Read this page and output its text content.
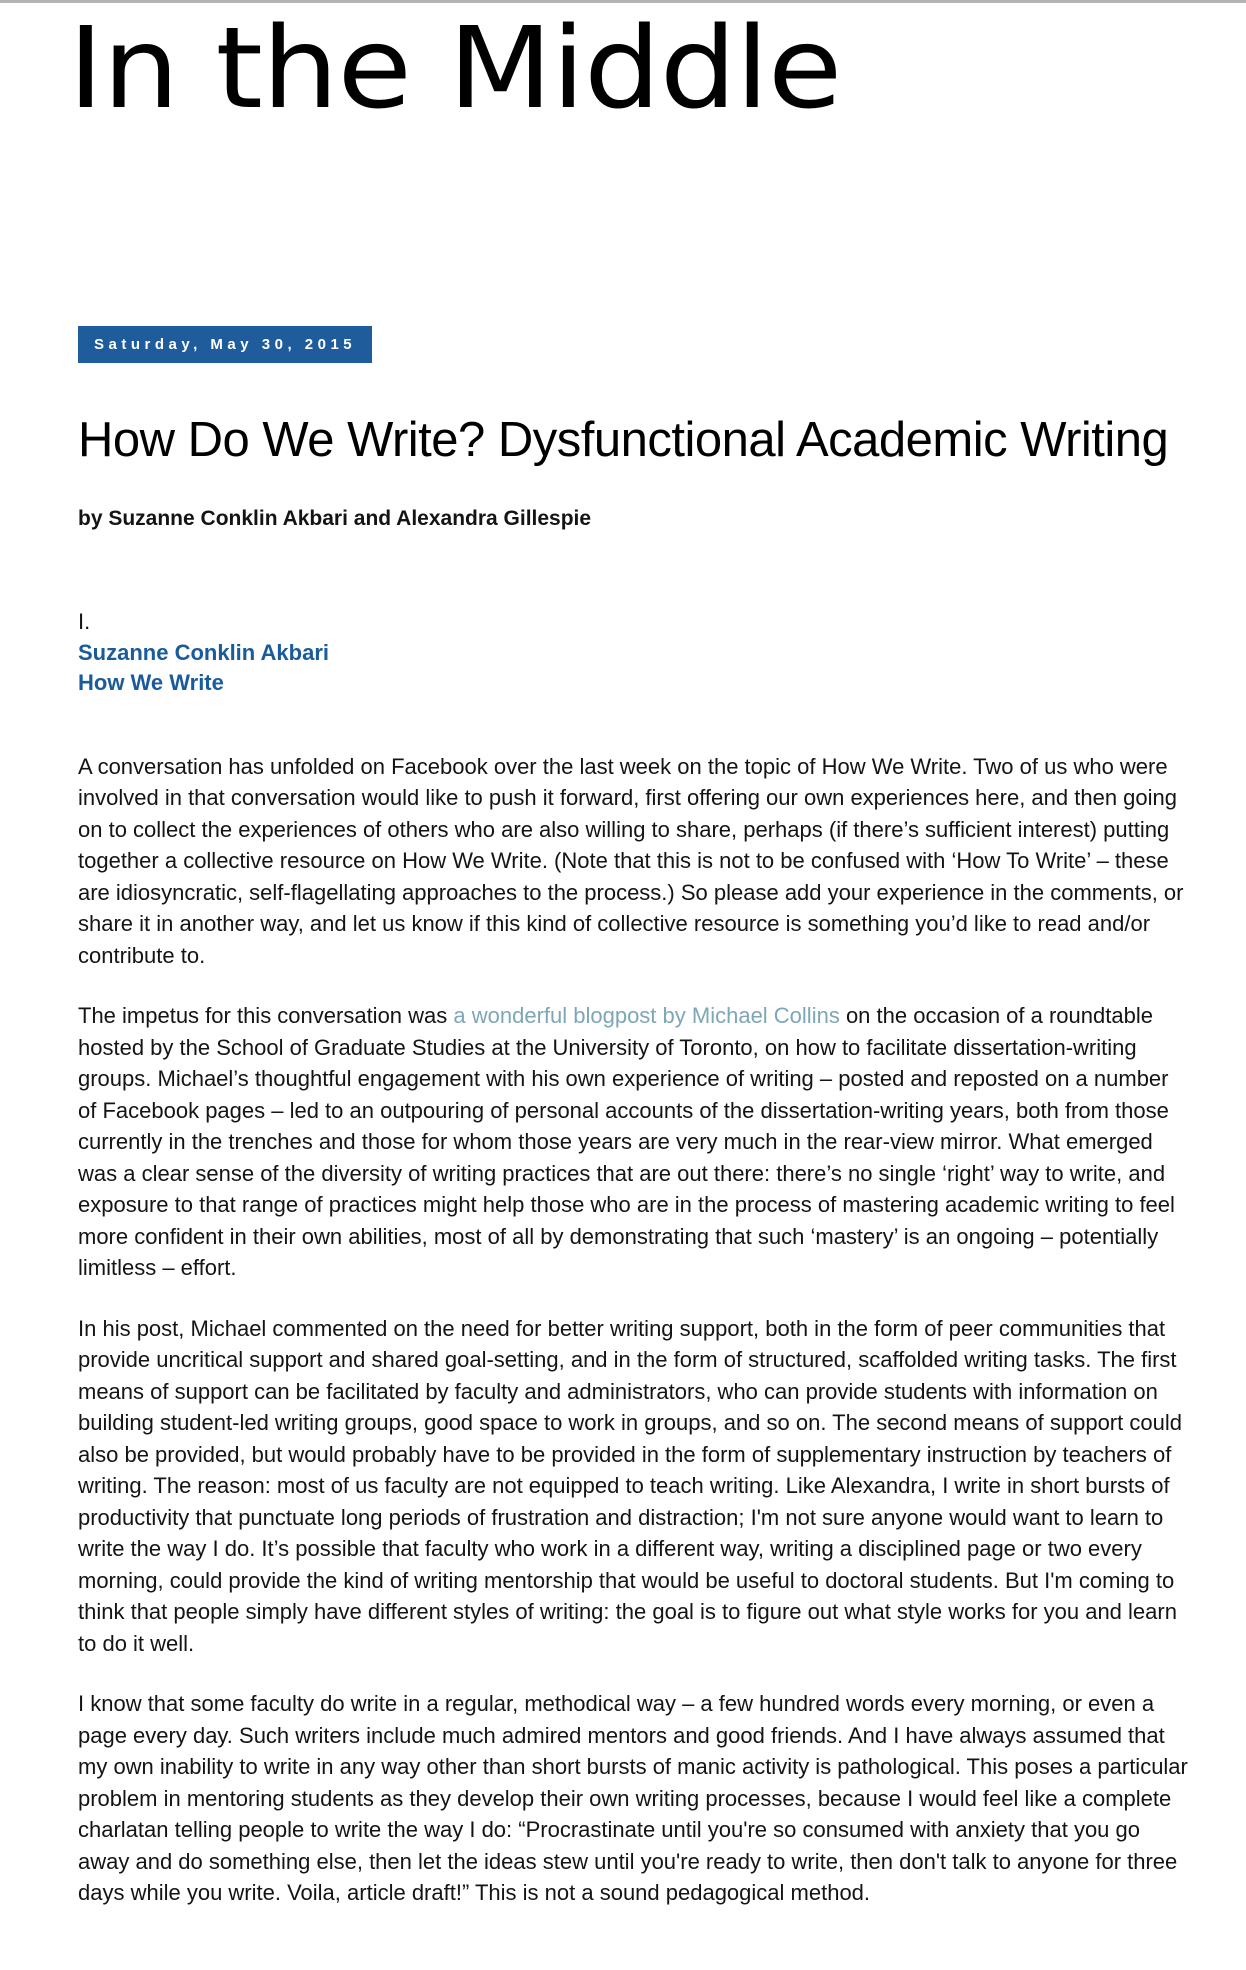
In the Middle
Saturday, May 30, 2015
How Do We Write? Dysfunctional Academic Writing

by Suzanne Conklin Akbari and Alexandra Gillespie

I.
Suzanne Conklin Akbari
How We Write

A conversation has unfolded on Facebook over the last week on the topic of How We Write. Two of us who were involved in that conversation would like to push it forward, first offering our own experiences here, and then going on to collect the experiences of others who are also willing to share, perhaps (if there’s sufficient interest) putting together a collective resource on How We Write. (Note that this is not to be confused with ‘How To Write’ – these are idiosyncratic, self-flagellating approaches to the process.) So please add your experience in the comments, or share it in another way, and let us know if this kind of collective resource is something you’d like to read and/or contribute to.

The impetus for this conversation was a wonderful blogpost by Michael Collins on the occasion of a roundtable hosted by the School of Graduate Studies at the University of Toronto, on how to facilitate dissertation-writing groups. Michael’s thoughtful engagement with his own experience of writing – posted and reposted on a number of Facebook pages – led to an outpouring of personal accounts of the dissertation-writing years, both from those currently in the trenches and those for whom those years are very much in the rear-view mirror. What emerged was a clear sense of the diversity of writing practices that are out there: there’s no single ‘right’ way to write, and exposure to that range of practices might help those who are in the process of mastering academic writing to feel more confident in their own abilities, most of all by demonstrating that such ‘mastery’ is an ongoing – potentially limitless – effort.

In his post, Michael commented on the need for better writing support, both in the form of peer communities that provide uncritical support and shared goal-setting, and in the form of structured, scaffolded writing tasks. The first means of support can be facilitated by faculty and administrators, who can provide students with information on building student-led writing groups, good space to work in groups, and so on. The second means of support could also be provided, but would probably have to be provided in the form of supplementary instruction by teachers of writing. The reason: most of us faculty are not equipped to teach writing. Like Alexandra, I write in short bursts of productivity that punctuate long periods of frustration and distraction; I'm not sure anyone would want to learn to write the way I do. It’s possible that faculty who work in a different way, writing a disciplined page or two every morning, could provide the kind of writing mentorship that would be useful to doctoral students. But I'm coming to think that people simply have different styles of writing: the goal is to figure out what style works for you and learn to do it well.

I know that some faculty do write in a regular, methodical way – a few hundred words every morning, or even a page every day. Such writers include much admired mentors and good friends. And I have always assumed that my own inability to write in any way other than short bursts of manic activity is pathological. This poses a particular problem in mentoring students as they develop their own writing processes, because I would feel like a complete charlatan telling people to write the way I do: “Procrastinate until you're so consumed with anxiety that you go away and do something else, then let the ideas stew until you're ready to write, then don't talk to anyone for three days while you write. Voila, article draft!” This is not a sound pedagogical method.
